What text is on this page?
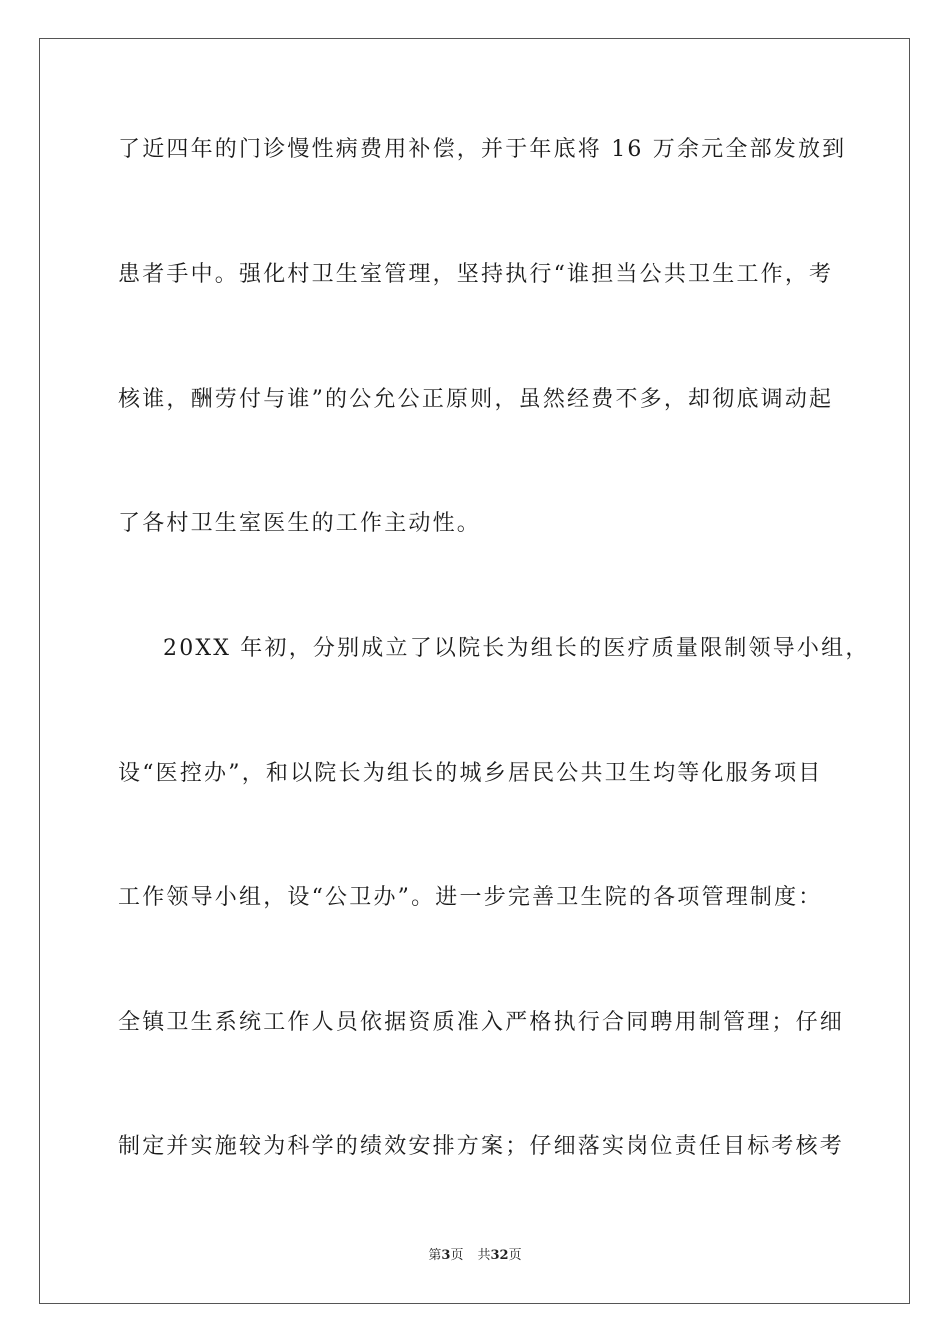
了近四年的门诊慢性病费用补偿，并于年底将 16 万余元全部发放到
患者手中。强化村卫生室管理，坚持执行“谁担当公共卫生工作，考
核谁，酬劳付与谁”的公允公正原则，虽然经费不多，却彻底调动起
了各村卫生室医生的工作主动性。
20XX 年初，分别成立了以院长为组长的医疗质量限制领导小组，
设“医控办”，和以院长为组长的城乡居民公共卫生均等化服务项目
工作领导小组，设“公卫办”。进一步完善卫生院的各项管理制度：
全镇卫生系统工作人员依据资质准入严格执行合同聘用制管理；仔细
制定并实施较为科学的绩效安排方案；仔细落实岗位责任目标考核考
第3页 共32页
